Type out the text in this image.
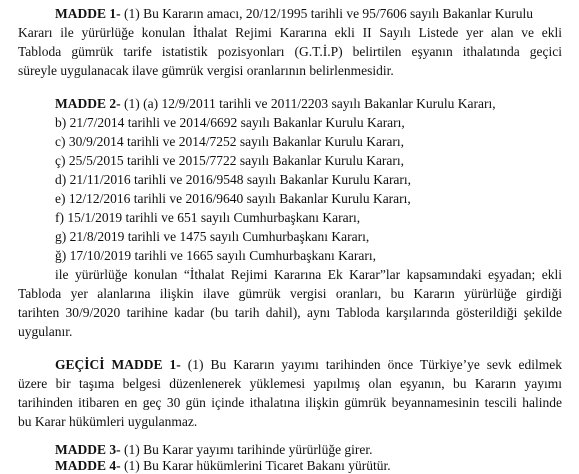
MADDE 1- (1) Bu Kararın amacı, 20/12/1995 tarihli ve 95/7606 sayılı Bakanlar Kurulu
Kararı ile yürürlüğe konulan İthalat Rejimi Kararına ekli II Sayılı Listede yer alan ve ekli
Tabloda gümrük tarife istatistik pozisyonları (G.T.İ.P) belirtilen eşyanın ithalatında geçici
süreyle uygulanacak ilave gümrük vergisi oranlarının belirlenmesidir.
MADDE 2- (1) (a) 12/9/2011 tarihli ve 2011/2203 sayılı Bakanlar Kurulu Kararı,
b) 21/7/2014 tarihli ve 2014/6692 sayılı Bakanlar Kurulu Kararı,
c) 30/9/2014 tarihli ve 2014/7252 sayılı Bakanlar Kurulu Kararı,
ç) 25/5/2015 tarihli ve 2015/7722 sayılı Bakanlar Kurulu Kararı,
d) 21/11/2016 tarihli ve 2016/9548 sayılı Bakanlar Kurulu Kararı,
e) 12/12/2016 tarihli ve 2016/9640 sayılı Bakanlar Kurulu Kararı,
f) 15/1/2019 tarihli ve 651 sayılı Cumhurbaşkanı Kararı,
g) 21/8/2019 tarihli ve 1475 sayılı Cumhurbaşkanı Kararı,
ğ) 17/10/2019 tarihli ve 1665 sayılı Cumhurbaşkanı Kararı,
ile yürürlüğe konulan “İthalat Rejimi Kararına Ek Karar”lar kapsamındaki eşyadan; ekli
Tabloda yer alanlarına ilişkin ilave gümrük vergisi oranları, bu Kararın yürürlüğe girdiği
tarihten 30/9/2020 tarihine kadar (bu tarih dahil), aynı Tabloda karşılarında gösterildiği şekilde
uygulanır.
GEÇİCİ MADDE 1- (1) Bu Kararın yayımı tarihinden önce Türkiye’ye sevk edilmek
üzere bir taşıma belgesi düzenlenerek yüklemesi yapılmış olan eşyanın, bu Kararın yayımı
tarihinden itibaren en geç 30 gün içinde ithalatına ilişkin gümrük beyannamesinin tescili halinde
bu Karar hükümleri uygulanmaz.
MADDE 3- (1) Bu Karar yayımı tarihinde yürürlüğe girer.
MADDE 4- (1) Bu Karar hükümlerini Ticaret Bakanı yürütür.
